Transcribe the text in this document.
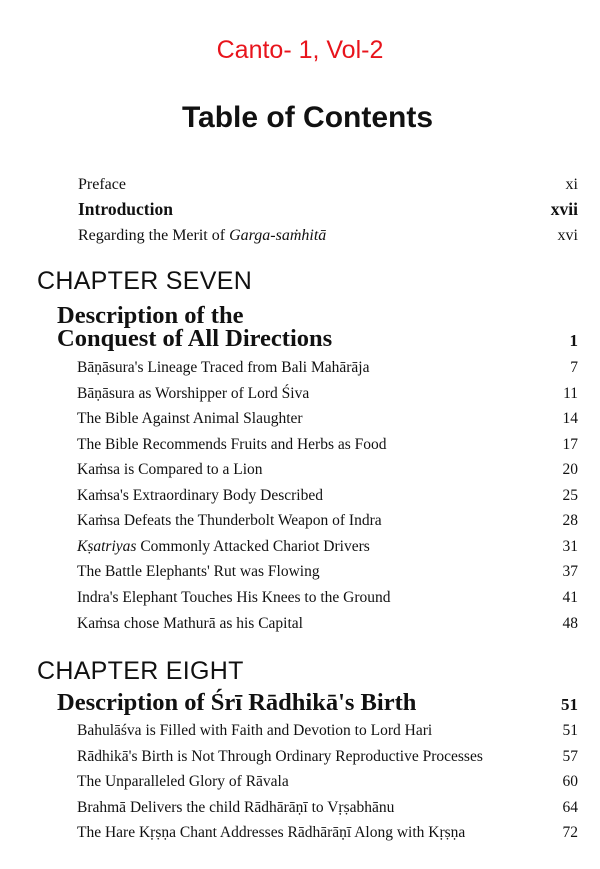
Canto- 1, Vol-2
Table of Contents
Preface	xi
Introduction	xvii
Regarding the Merit of Garga-saṁhitā	xvi
CHAPTER SEVEN
Description of the
Conquest of All Directions	1
Bāṇāsura's Lineage Traced from Bali Mahārāja	7
Bāṇāsura as Worshipper of Lord Śiva	11
The Bible Against Animal Slaughter	14
The Bible Recommends Fruits and Herbs as Food	17
Kaṁsa is Compared to a Lion	20
Kaṁsa's Extraordinary Body Described	25
Kaṁsa Defeats the Thunderbolt Weapon of Indra	28
Kṣatriyas Commonly Attacked Chariot Drivers	31
The Battle Elephants' Rut was Flowing	37
Indra's Elephant Touches His Knees to the Ground	41
Kaṁsa chose Mathurā as his Capital	48
CHAPTER EIGHT
Description of Śrī Rādhikā's Birth	51
Bahulāśva is Filled with Faith and Devotion to Lord Hari	51
Rādhikā's Birth is Not Through Ordinary Reproductive Processes	57
The Unparalleled Glory of Rāvala	60
Brahmā Delivers the child Rādhārāṇī to Vṛṣabhānu	64
The Hare Kṛṣṇa Chant Addresses Rādhārāṇī Along with Kṛṣṇa	72
